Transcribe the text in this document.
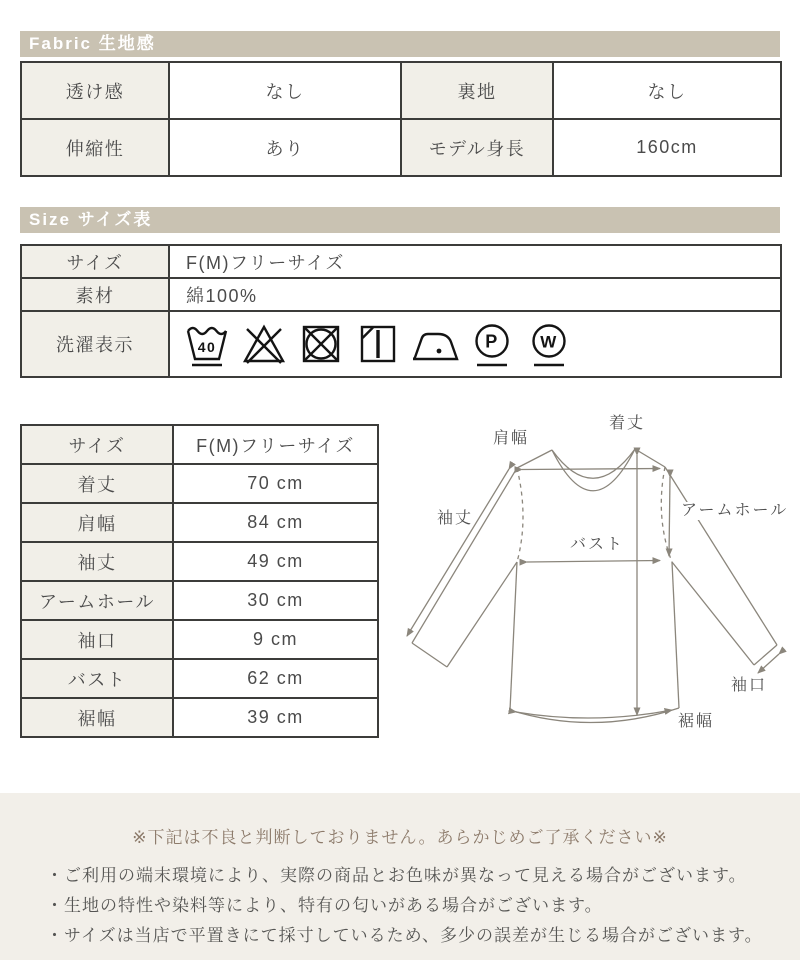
Fabric 生地感
透け感	なし	裏地	なし
伸縮性	あり	モデル身長	160cm
Size サイズ表
サイズ	F(M)フリーサイズ
素材	綿100%
洗濯表示	40 P W
サイズ	F(M)フリーサイズ
着丈	70 cm
肩幅	84 cm
袖丈	49 cm
アームホール	30 cm
袖口	9 cm
バスト	62 cm
裾幅	39 cm
着丈
肩幅
袖丈	アームホール
バスト
袖口
裾幅
※下記は不良と判断しておりません。あらかじめご了承ください※
・ご利用の端末環境により、実際の商品とお色味が異なって見える場合がございます。
・生地の特性や染料等により、特有の匂いがある場合がございます。
・サイズは当店で平置きにて採寸しているため、多少の誤差が生じる場合がございます。
